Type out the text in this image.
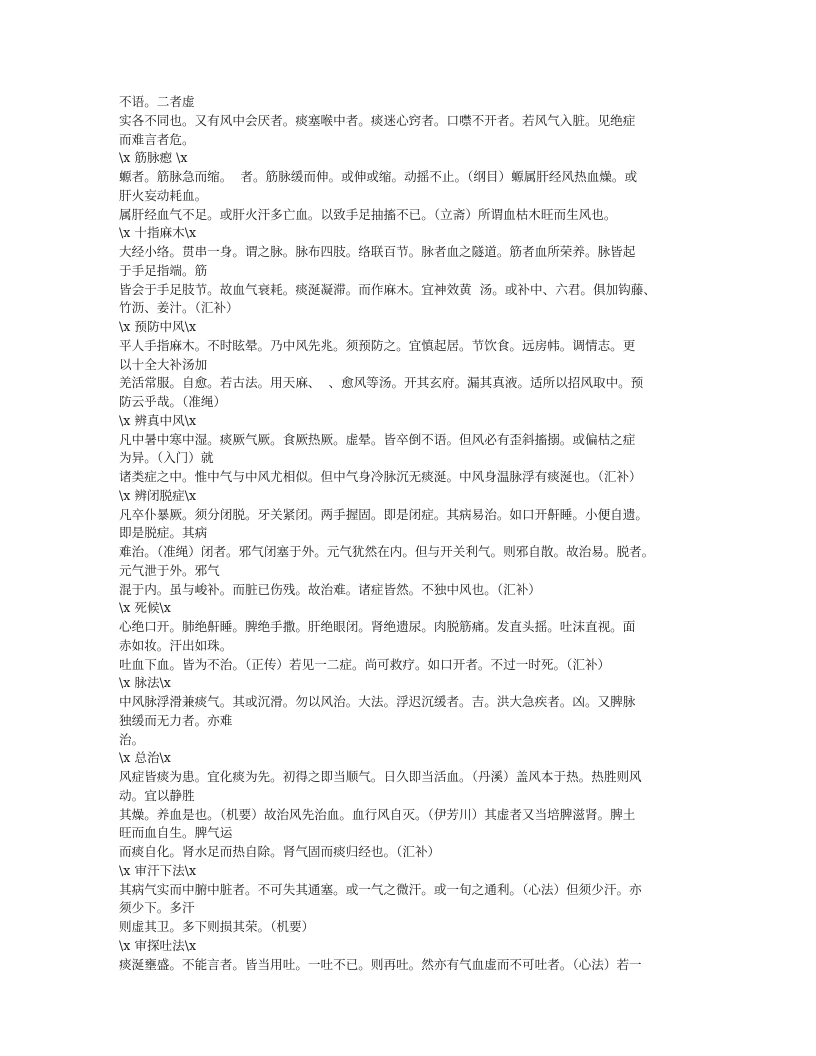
不语。二者虚
实各不同也。又有风中会厌者。痰塞喉中者。痰迷心窍者。口噤不开者。若风气入脏。见绝症
而难言者危。
\x 筋脉瘛 \x
螈者。筋脉急而缩。  者。筋脉缓而伸。或伸或缩。动摇不止。（纲目）螈属肝经风热血燥。或
肝火妄动耗血。
属肝经血气不足。或肝火汗多亡血。以致手足抽搐不已。（立斋）所谓血枯木旺而生风也。
\x 十指麻木\x
大经小络。贯串一身。谓之脉。脉布四肢。络联百节。脉者血之隧道。筋者血所荣养。脉皆起
于手足指端。筋
皆会于手足肢节。故血气衰耗。痰涎凝滞。而作麻木。宜神效黄  汤。或补中、六君。俱加钩藤、
竹沥、姜汁。（汇补）
\x 预防中风\x
平人手指麻木。不时眩晕。乃中风先兆。须预防之。宜慎起居。节饮食。远房帏。调情志。更
以十全大补汤加
羌活常服。自愈。若古法。用天麻、  、愈风等汤。开其玄府。漏其真液。适所以招风取中。预
防云乎哉。（准绳）
\x 辨真中风\x
凡中暑中寒中湿。痰厥气厥。食厥热厥。虚晕。皆卒倒不语。但风必有歪斜搐搦。或偏枯之症
为异。（入门）就
诸类症之中。惟中气与中风尤相似。但中气身冷脉沉无痰涎。中风身温脉浮有痰涎也。（汇补）
\x 辨闭脱症\x
凡卒仆暴厥。须分闭脱。牙关紧闭。两手握固。即是闭症。其病易治。如口开鼾睡。小便自遗。
即是脱症。其病
难治。（准绳）闭者。邪气闭塞于外。元气犹然在内。但与开关利气。则邪自散。故治易。脱者。
元气泄于外。邪气
混于内。虽与峻补。而脏已伤残。故治难。诸症皆然。不独中风也。（汇补）
\x 死候\x
心绝口开。肺绝鼾睡。脾绝手撒。肝绝眼闭。肾绝遗尿。肉脱筋痛。发直头摇。吐沫直视。面
赤如妆。汗出如珠。
吐血下血。皆为不治。（正传）若见一二症。尚可救疗。如口开者。不过一时死。（汇补）
\x 脉法\x
中风脉浮滑兼痰气。其或沉滑。勿以风治。大法。浮迟沉缓者。吉。洪大急疾者。凶。又脾脉
独缓而无力者。亦难
治。
\x 总治\x
风症皆痰为患。宜化痰为先。初得之即当顺气。日久即当活血。（丹溪）盖风本于热。热胜则风
动。宜以静胜
其燥。养血是也。（机要）故治风先治血。血行风自灭。（伊芳川）其虚者又当培脾滋肾。脾土
旺而血自生。脾气运
而痰自化。肾水足而热自除。肾气固而痰归经也。（汇补）
\x 审汗下法\x
其病气实而中腑中脏者。不可失其通塞。或一气之微汗。或一旬之通利。（心法）但须少汗。亦
须少下。多汗
则虚其卫。多下则损其荣。（机要）
\x 审探吐法\x
痰涎壅盛。不能言者。皆当用吐。一吐不已。则再吐。然亦有气血虚而不可吐者。（心法）若一
